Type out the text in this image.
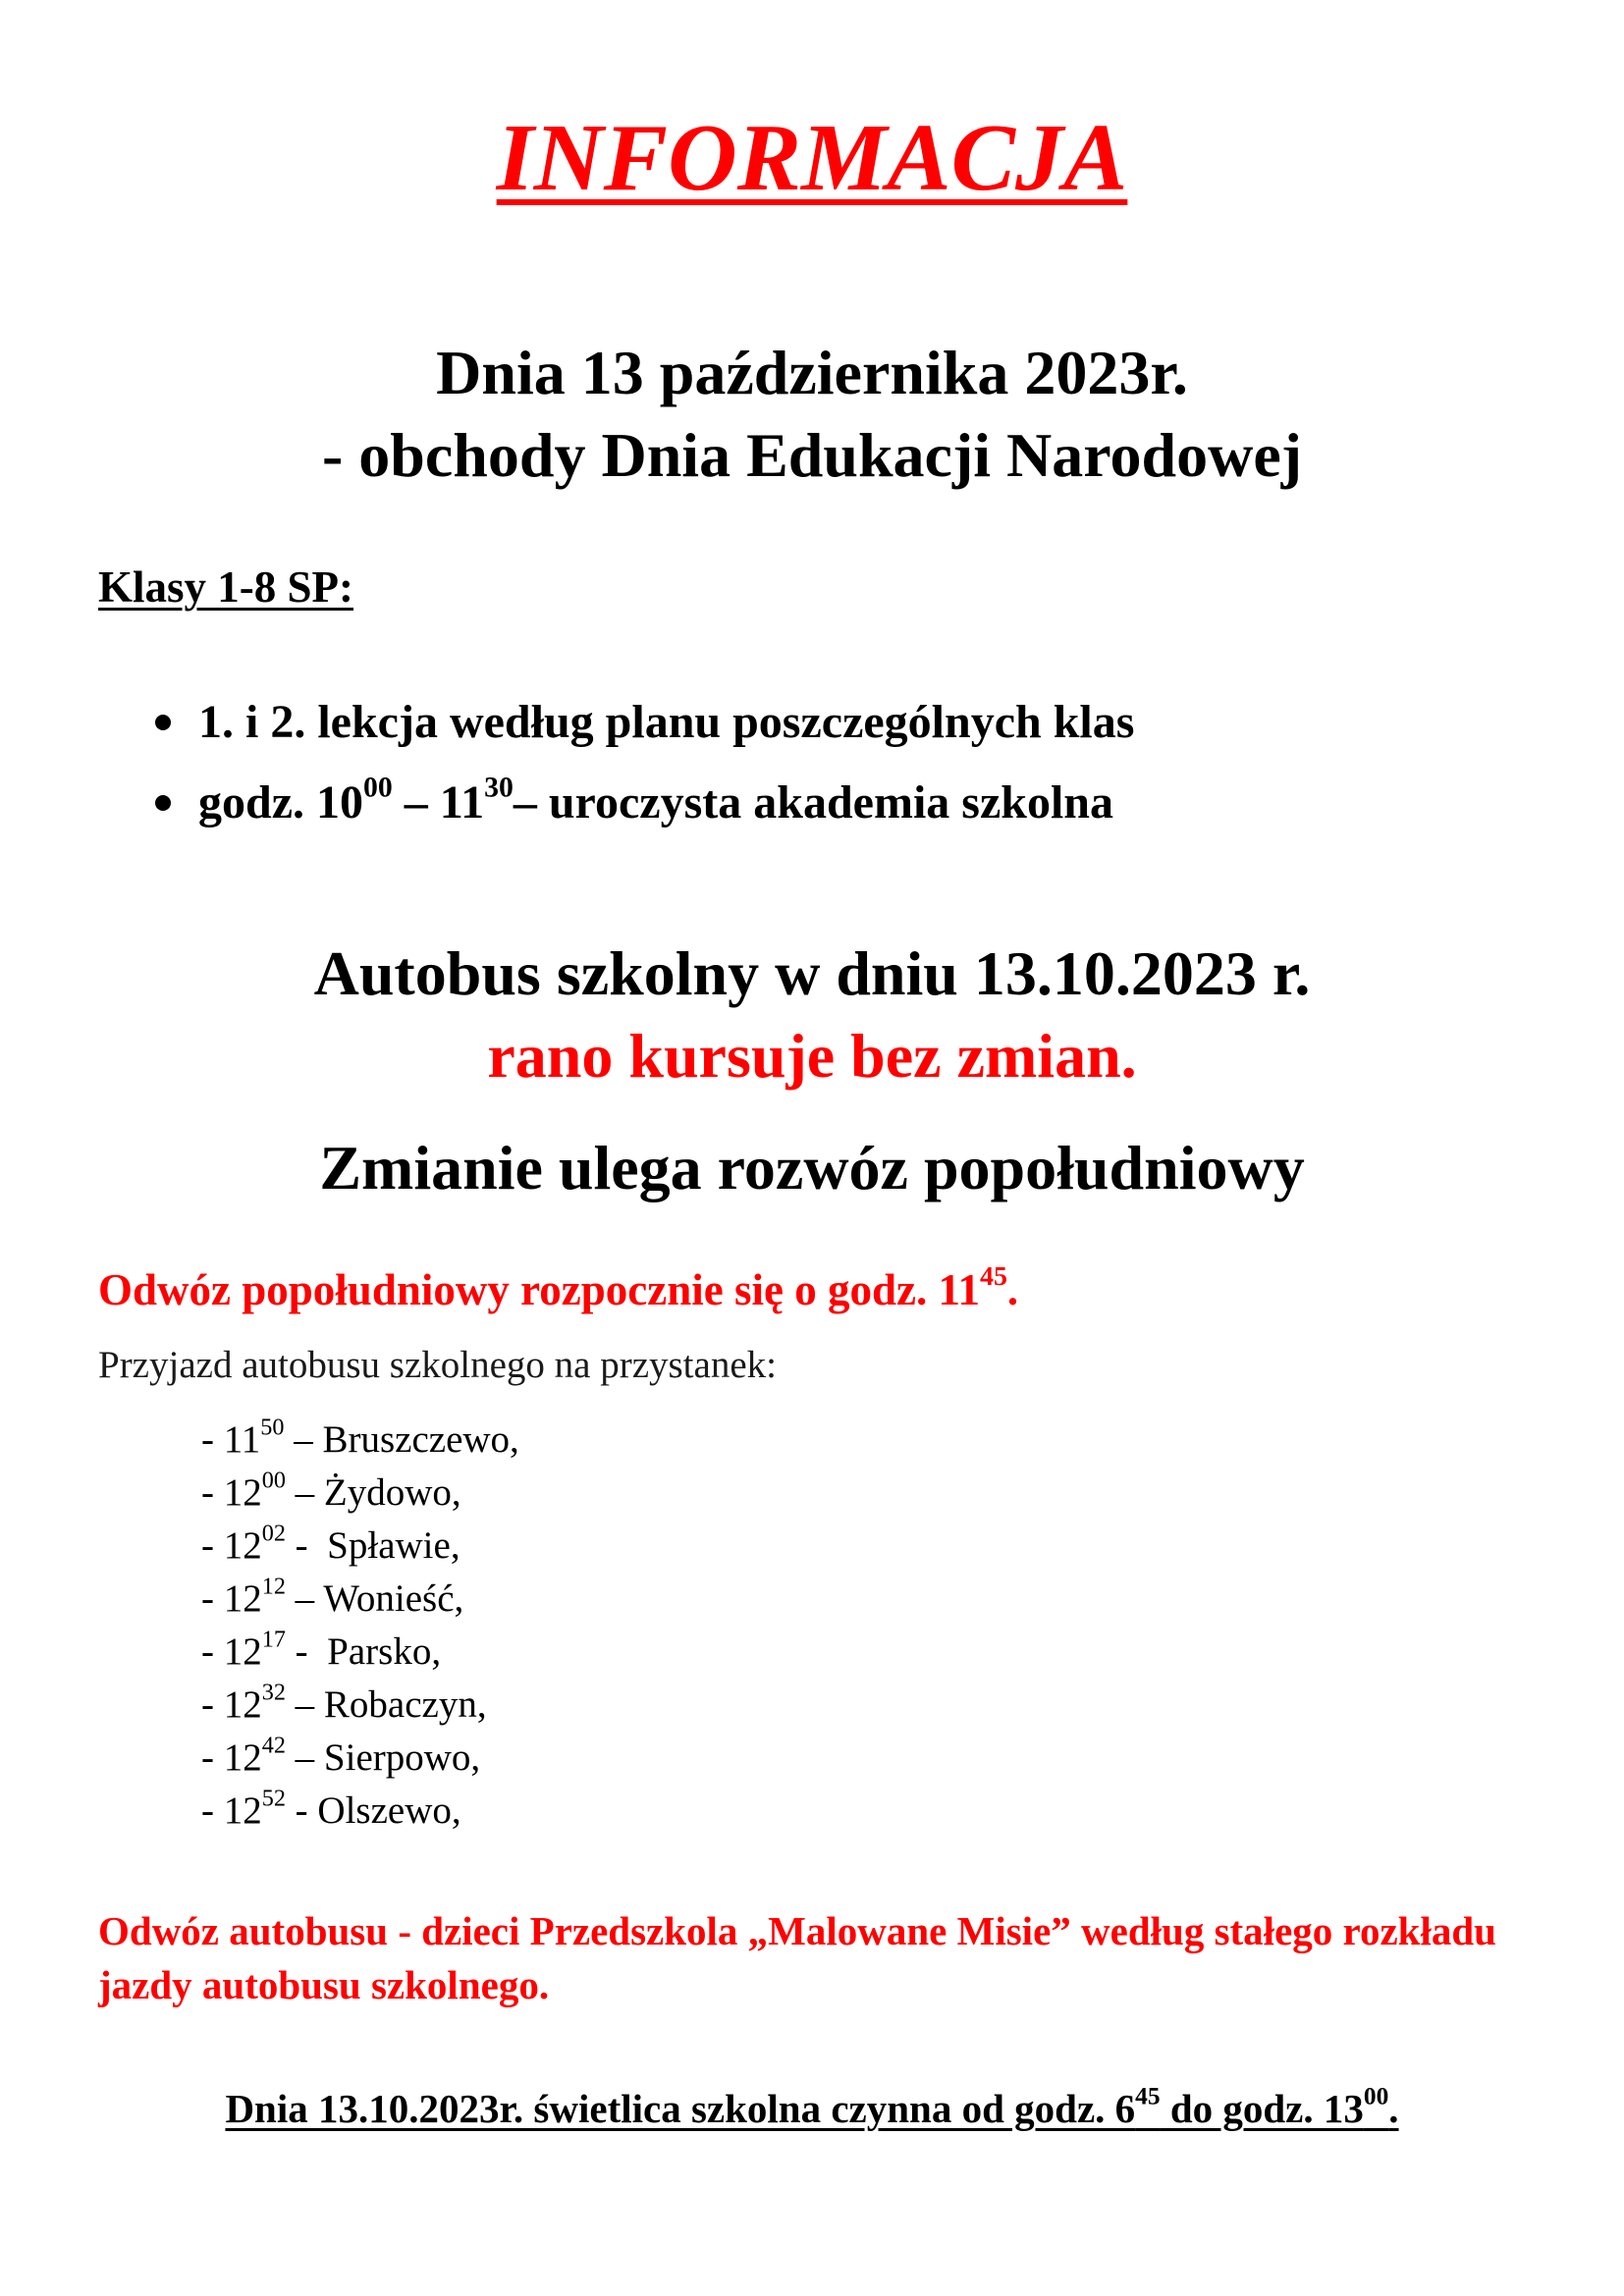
INFORMACJA
Dnia 13 października 2023r.
- obchody Dnia Edukacji Narodowej
Klasy 1-8 SP:
1. i 2. lekcja według planu poszczególnych klas
godz. $10^{00} - 11^{30}-$ uroczysta akademia szkolna
Autobus szkolny w dniu 13.10.2023 r.
rano kursuje bez zmian.
Zmianie ulega rozwóz popołudniowy
Odwóz popołudniowy rozpocznie się o godz. $11^{45}$.
Przyjazd autobusu szkolnego na przystanek:
- $11^{50}$ – Bruszczewo,
- $12^{00}$ – Żydowo,
- $12^{02}$ -  Spławie,
- $12^{12}$ – Wonieść,
- $12^{17}$ -  Parsko,
- $12^{32}$ – Robaczyn,
- $12^{42}$ – Sierpowo,
- $12^{52}$ - Olszewo,
Odwóz autobusu - dzieci Przedszkola „Malowane Misie” według stałego rozkładu jazdy autobusu szkolnego.
Dnia 13.10.2023r. świetlica szkolna czynna od godz. $6^{45}$ do godz. $13^{00}$.
